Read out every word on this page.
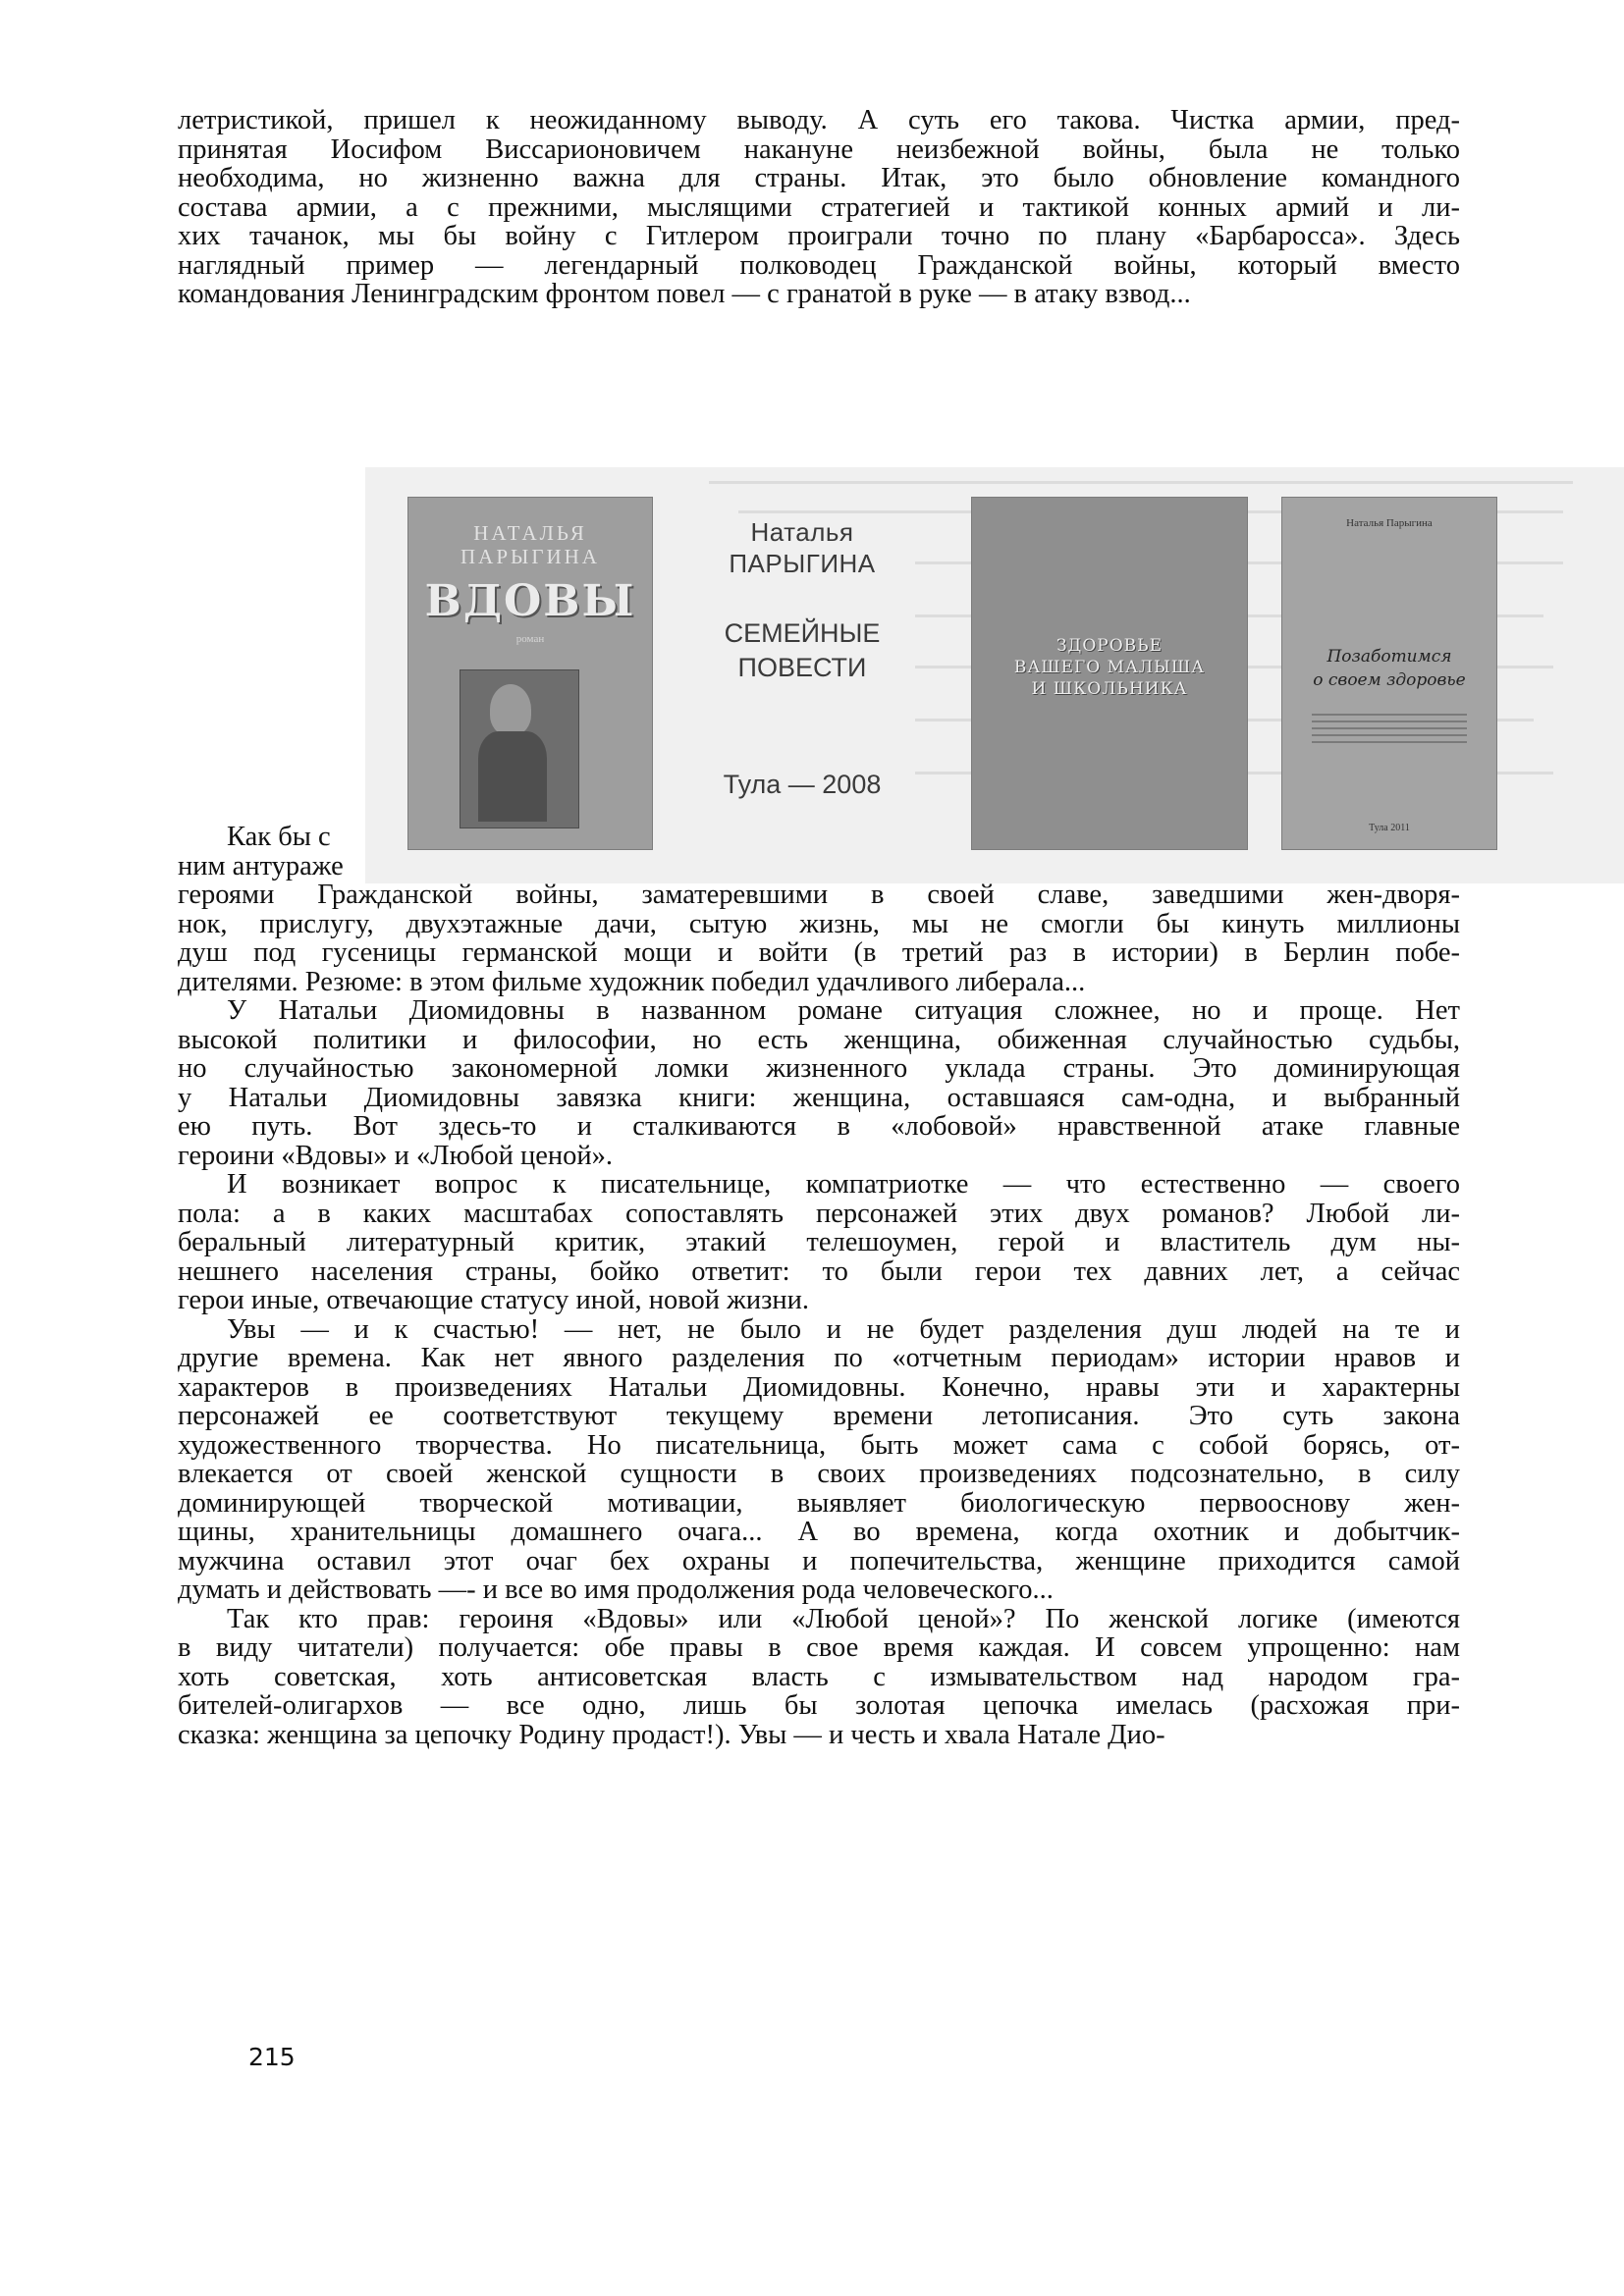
летристикой, пришел к неожиданному выводу. А суть его такова. Чистка армии, пред-
принятая Иосифом Виссарионовичем накануне неизбежной войны, была не только
необходима, но жизненно важна для страны. Итак, это было обновление командного
состава армии, а с прежними, мыслящими стратегией и тактикой конных армий и ли-
хих тачанок, мы бы войну с Гитлером проиграли точно по плану «Барбаросса». Здесь
наглядный пример — легендарный полководец Гражданской войны, который вместо
командования Ленинградским фронтом повел — с гранатой в руке — в атаку взвод...
Как бы с
ним антураже
НАТАЛЬЯ
ПАРЫГИНА
ВДОВЫ
роман
Наталья
ПАРЫГИНА
СЕМЕЙНЫЕ
ПОВЕСТИ
Тула — 2008
ЗДОРОВЬЕ
ВАШЕГО МАЛЫША
И ШКОЛЬНИКА
Наталья Парыгина
Позаботимся
о своем здоровье
Тула 2011
героями Гражданской войны, заматеревшими в своей славе, заведшими жен-дворя-
нок, прислугу, двухэтажные дачи, сытую жизнь, мы не смогли бы кинуть миллионы
душ под гусеницы германской мощи и войти (в третий раз в истории) в Берлин побе-
дителями. Резюме: в этом фильме художник победил удачливого либерала...
У Натальи Диомидовны в названном романе ситуация сложнее, но и проще. Нет
высокой политики и философии, но есть женщина, обиженная случайностью судьбы,
но случайностью закономерной ломки жизненного уклада страны. Это доминирующая
у Натальи Диомидовны завязка книги: женщина, оставшаяся сам-одна, и выбранный
ею путь. Вот здесь-то и сталкиваются в «лобовой» нравственной атаке главные
героини «Вдовы» и «Любой ценой».
И возникает вопрос к писательнице, компатриотке — что естественно — своего
пола: а в каких масштабах сопоставлять персонажей этих двух романов? Любой ли-
беральный литературный критик, этакий телешоумен, герой и властитель дум ны-
нешнего населения страны, бойко ответит: то были герои тех давних лет, а сейчас
герои иные, отвечающие статусу иной, новой жизни.
Увы — и к счастью! — нет, не было и не будет разделения душ людей на те и
другие времена. Как нет явного разделения по «отчетным периодам» истории нравов и
характеров в произведениях Натальи Диомидовны. Конечно, нравы эти и характерны
персонажей ее соответствуют текущему времени летописания. Это суть закона
художественного творчества. Но писательница, быть может сама с собой борясь, от-
влекается от своей женской сущности в своих произведениях подсознательно, в силу
доминирующей творческой мотивации, выявляет биологическую первооснову жен-
щины, хранительницы домашнего очага... А во времена, когда охотник и добытчик-
мужчина оставил этот очаг бех охраны и попечительства, женщине приходится самой
думать и действовать —- и все во имя продолжения рода человеческого...
Так кто прав: героиня «Вдовы» или «Любой ценой»? По женской логике (имеются
в виду читатели) получается: обе правы в свое время каждая. И совсем упрощенно: нам
хоть советская, хоть антисоветская власть с измывательством над народом гра-
бителей-олигархов — все одно, лишь бы золотая цепочка имелась (расхожая при-
сказка: женщина за цепочку Родину продаст!). Увы — и честь и хвала Натале Дио-

215
